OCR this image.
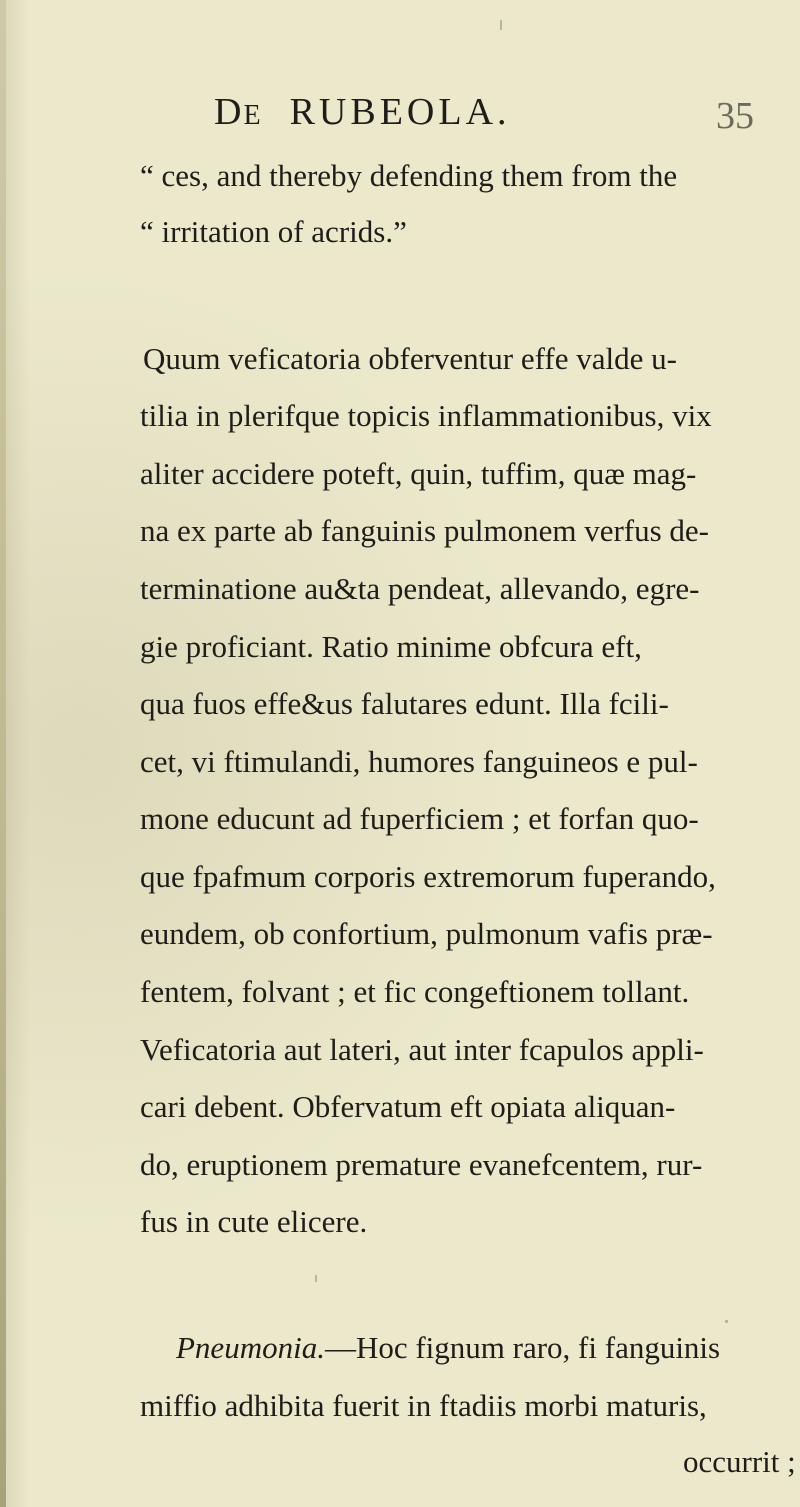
DE RUBEOLA.	35
“ ces, and thereby defending them from the
“ irritation of acrids.”
Quum veficatoria obferventur effe valde u-
tilia in plerifque topicis inflammationibus, vix
aliter accidere poteft, quin, tuffim, quæ mag-
na ex parte ab fanguinis pulmonem verfus de-
terminatione au&ta pendeat, allevando, egre-
gie proficiant. Ratio minime obfcura eft,
qua fuos effe&us falutares edunt. Illa fcili-
cet, vi ftimulandi, humores fanguineos e pul-
mone educunt ad fuperficiem ; et forfan quo-
que fpafmum corporis extremorum fuperando,
eundem, ob confortium, pulmonum vafis præ-
fentem, folvant ; et fic congeftionem tollant.
Veficatoria aut lateri, aut inter fcapulos appli-
cari debent. Obfervatum eft opiata aliquan-
do, eruptionem premature evanefcentem, rur-
fus in cute elicere.
Pneumonia.—Hoc fignum raro, fi fanguinis
miffio adhibita fuerit in ftadiis morbi maturis,
occurrit ;
